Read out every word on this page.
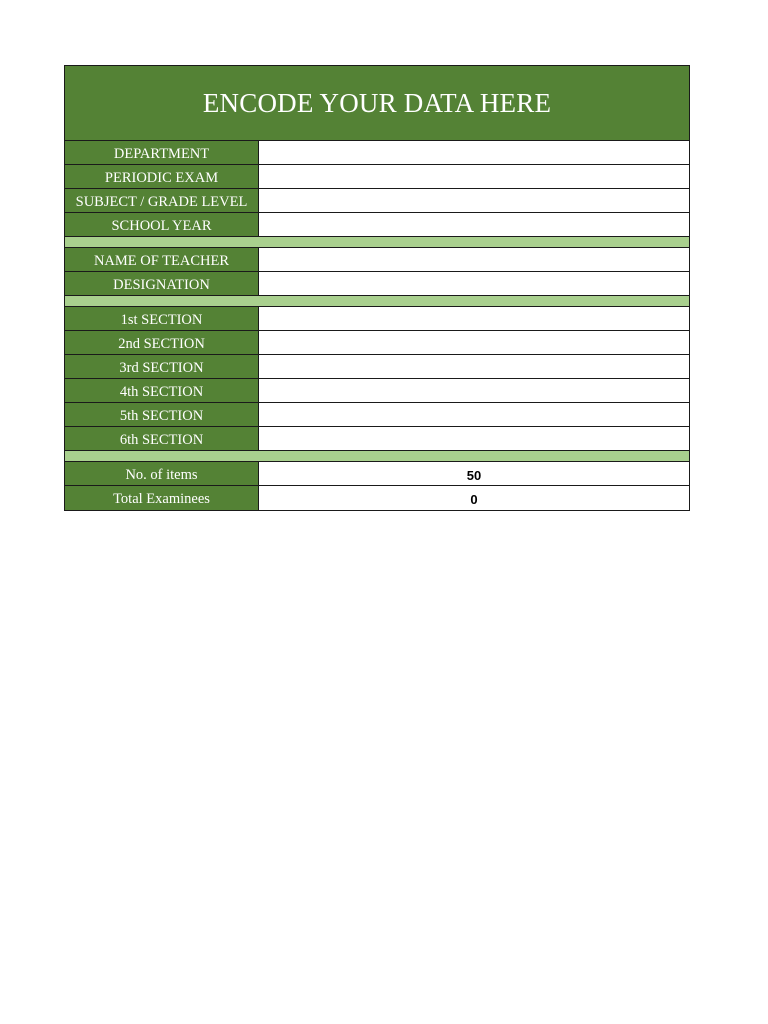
ENCODE YOUR DATA HERE
DEPARTMENT
PERIODIC EXAM
SUBJECT / GRADE LEVEL
SCHOOL YEAR
NAME OF TEACHER
DESIGNATION
1st SECTION
2nd SECTION
3rd SECTION
4th SECTION
5th SECTION
6th SECTION
No. of items	50
Total Examinees	0
